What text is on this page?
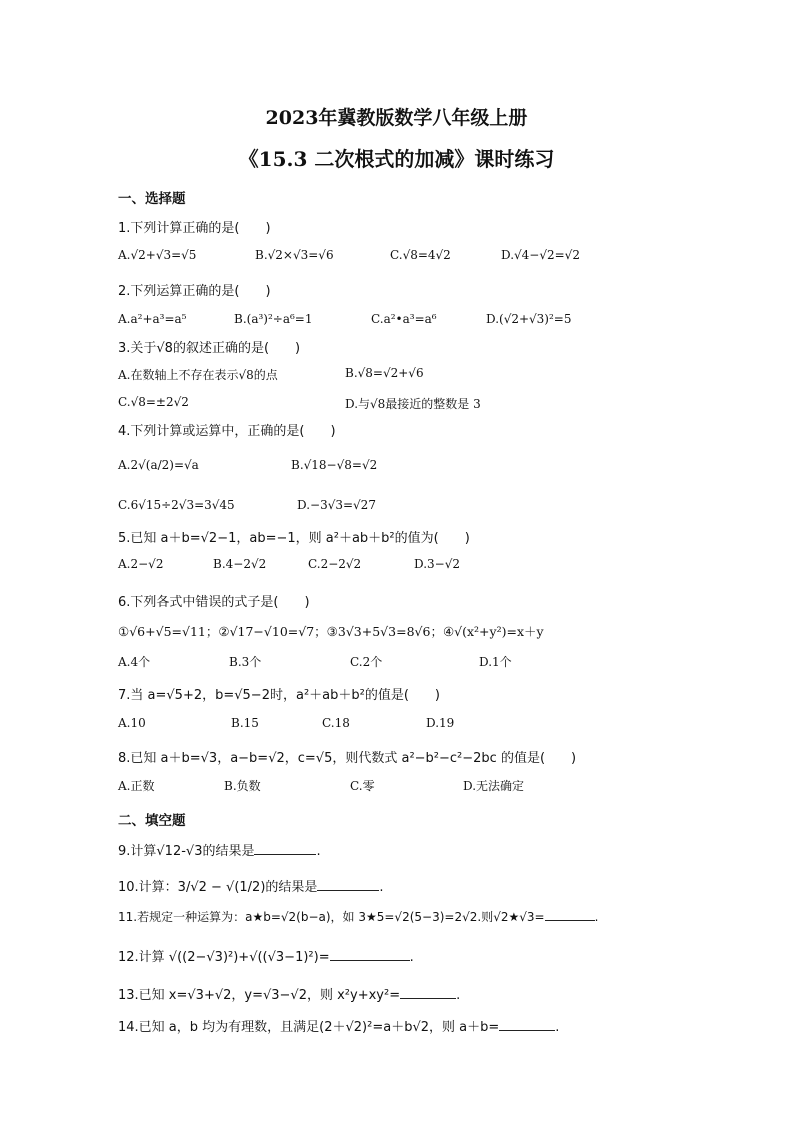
2023年冀教版数学八年级上册
《15.3 二次根式的加减》课时练习
一、选择题
1.下列计算正确的是(　　)
A.√2+√3=√5	B.√2×√3=√6	C.√8=4√2	D.√4−√2=√2
2.下列运算正确的是(　　)
A.a²+a³=a⁵	B.(a³)²÷a⁶=1	C.a²•a³=a⁶	D.(√2+√3)²=5
3.关于√8的叙述正确的是(　　)
A.在数轴上不存在表示√8的点	B.√8=√2+√6
C.√8=±2√2	D.与√8最接近的整数是 3
4.下列计算或运算中，正确的是(　　)
A.2√(a/2)=√a	B.√18−√8=√2
C.6√15÷2√3=3√45	D.−3√3=√27
5.已知 a＋b=√2−1，ab=−1，则 a²＋ab＋b²的值为(　　)
A.2−√2	B.4−2√2	C.2−2√2	D.3−√2
6.下列各式中错误的式子是(　　)
①√6+√5=√11；②√17−√10=√7；③3√3+5√3=8√6；④√(x²+y²)=x＋y
A.4个	B.3个	C.2个	D.1个
7.当 a=√5+2，b=√5−2时，a²＋ab＋b²的值是(　　)
A.10	B.15	C.18	D.19
8.已知 a＋b=√3，a−b=√2，c=√5，则代数式 a²−b²−c²−2bc 的值是(　　)
A.正数	B.负数	C.零	D.无法确定
二、填空题
9.计算√12-√3的结果是	.
10.计算：3/√2 − √(1/2)的结果是	.
11.若规定一种运算为：a★b=√2(b−a)，如 3★5=√2(5−3)=2√2.则√2★√3=	.
12.计算 √((2−√3)²)+√((√3−1)²)=	.
13.已知 x=√3+√2，y=√3−√2，则 x²y+xy²=	.
14.已知 a，b 均为有理数，且满足(2＋√2)²=a＋b√2，则 a＋b=	.
